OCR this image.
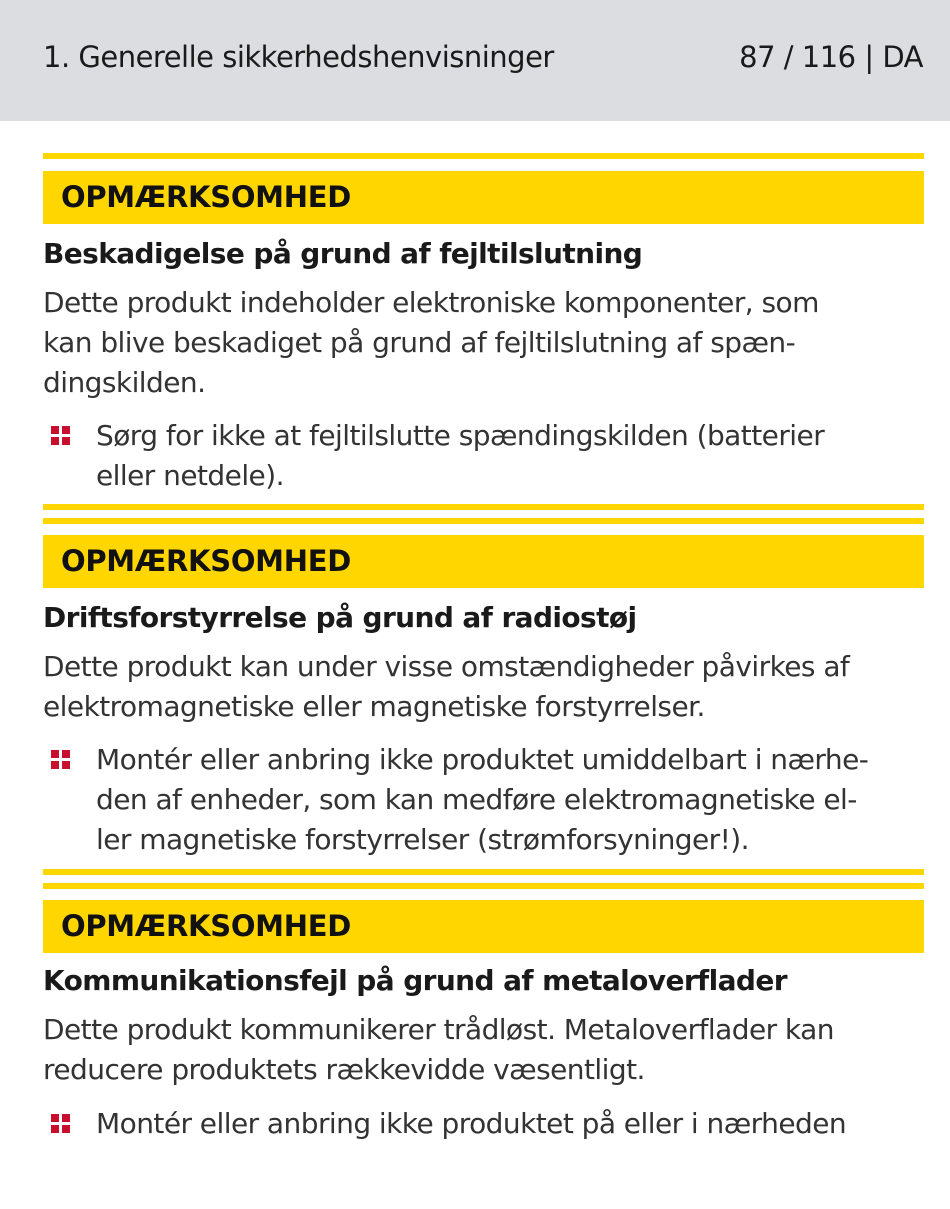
1. Generelle sikkerhedshenvisninger	87 / 116 | DA
OPMÆRKSOMHED
Beskadigelse på grund af fejltilslutning
Dette produkt indeholder elektroniske komponenter, som
kan blive beskadiget på grund af fejltilslutning af spæn-
dingskilden.
Sørg for ikke at fejltilslutte spændingskilden (batterier
eller netdele).
OPMÆRKSOMHED
Driftsforstyrrelse på grund af radiostøj
Dette produkt kan under visse omstændigheder påvirkes af
elektromagnetiske eller magnetiske forstyrrelser.
Montér eller anbring ikke produktet umiddelbart i nærhe-
den af enheder, som kan medføre elektromagnetiske el-
ler magnetiske forstyrrelser (strømforsyninger!).
OPMÆRKSOMHED
Kommunikationsfejl på grund af metaloverflader
Dette produkt kommunikerer trådløst. Metaloverflader kan
reducere produktets rækkevidde væsentligt.
Montér eller anbring ikke produktet på eller i nærheden
